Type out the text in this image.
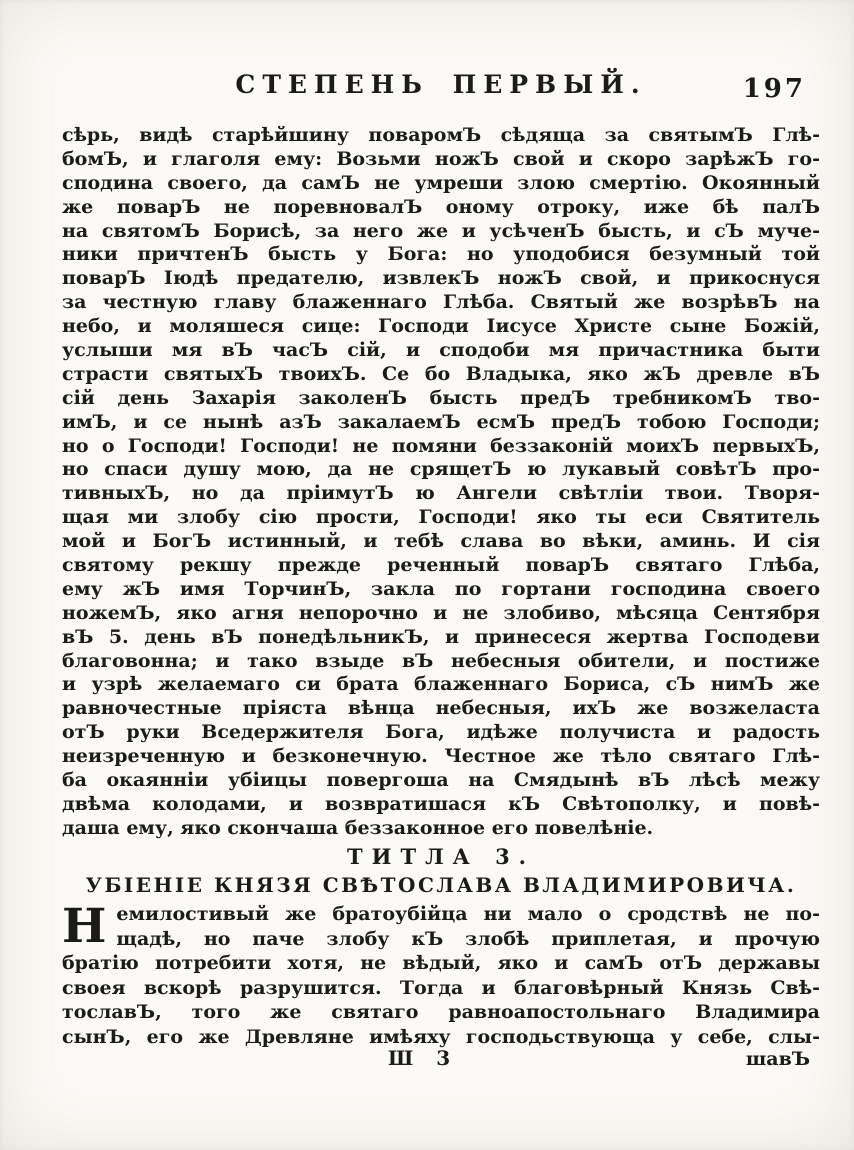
СТЕПЕНЬ ПЕРВЫЙ.	197
сѣрь, видѣ старѣйшину поваромЪ сѣдяща за святымЪ Глѣ-
бомЪ, и глаголя ему: Возьми ножЪ свой и скоро зарѣжЪ го-
сподина своего, да самЪ не умреши злою смертію. Окоянный
же поварЪ не поревновалЪ оному отроку, иже бѣ палЪ
на святомЪ Борисѣ, за него же и усѣченЪ бысть, и сЪ муче-
ники причтенЪ бысть у Бога: но уподобися безумный той
поварЪ Іюдѣ предателю, извлекЪ ножЪ свой, и прикоснуся
за честную главу блаженнаго Глѣба. Святый же возрѣвЪ на
небо, и моляшеся сице: Господи Іисусе Христе сыне Божій,
услыши мя вЪ часЪ сій, и сподоби мя причастника быти
страсти святыхЪ твоихЪ. Се бо Владыка, яко жЪ древле вЪ
сій день Захарія заколенЪ бысть предЪ требникомЪ тво-
имЪ, и се нынѣ азЪ закалаемЪ есмЪ предЪ тобою Господи;
но о Господи! Господи! не помяни беззаконій моихЪ первыхЪ,
но спаси душу мою, да не срящетЪ ю лукавый совѣтЪ про-
тивныхЪ, но да пріимутЪ ю Ангели свѣтліи твои. Творя-
щая ми злобу сію прости, Господи! яко ты еси Святитель
мой и БогЪ истинный, и тебѣ слава во вѣки, аминь. И сія
святому рекшу прежде реченный поварЪ святаго Глѣба,
ему жЪ имя ТорчинЪ, закла по гортани господина своего
ножемЪ, яко агня непорочно и не злобиво, мѣсяца Сентября
вЪ 5. день вЪ понедѣльникЪ, и принесеся жертва Господеви
благовонна; и тако взыде вЪ небесныя обители, и постиже
и узрѣ желаемаго си брата блаженнаго Бориса, сЪ нимЪ же
равночестные пріяста вѣнца небесныя, ихЪ же возжеласта
отЪ руки Вседержителя Бога, идѣже получиста и радость
неизреченную и безконечную. Честное же тѣло святаго Глѣ-
ба окаянніи убіицы повергоша на Смядынѣ вЪ лѣсѣ межу
двѣма колодами, и возвратишася кЪ Свѣтополку, и повѣ-
даша ему, яко скончаша беззаконное его повелѣніе.
ТИТЛА 3.
УБІЕНІЕ КНЯЗЯ СВѢТОСЛАВА ВЛАДИМИРОВИЧА.
Н емилостивый же братоубійца ни мало о сродствѣ не по-
щадѣ, но паче злобу кЪ злобѣ приплетая, и прочую
братію потребити хотя, не вѣдый, яко и самЪ отЪ державы
своея вскорѣ разрушится. Тогда и благовѣрный Князь Свѣ-
тославЪ, того же святаго равноапостольнаго Владимира
сынЪ, его же Древляне имѣяху господьствующа у себе, слы-
Ш 3	шавЪ
